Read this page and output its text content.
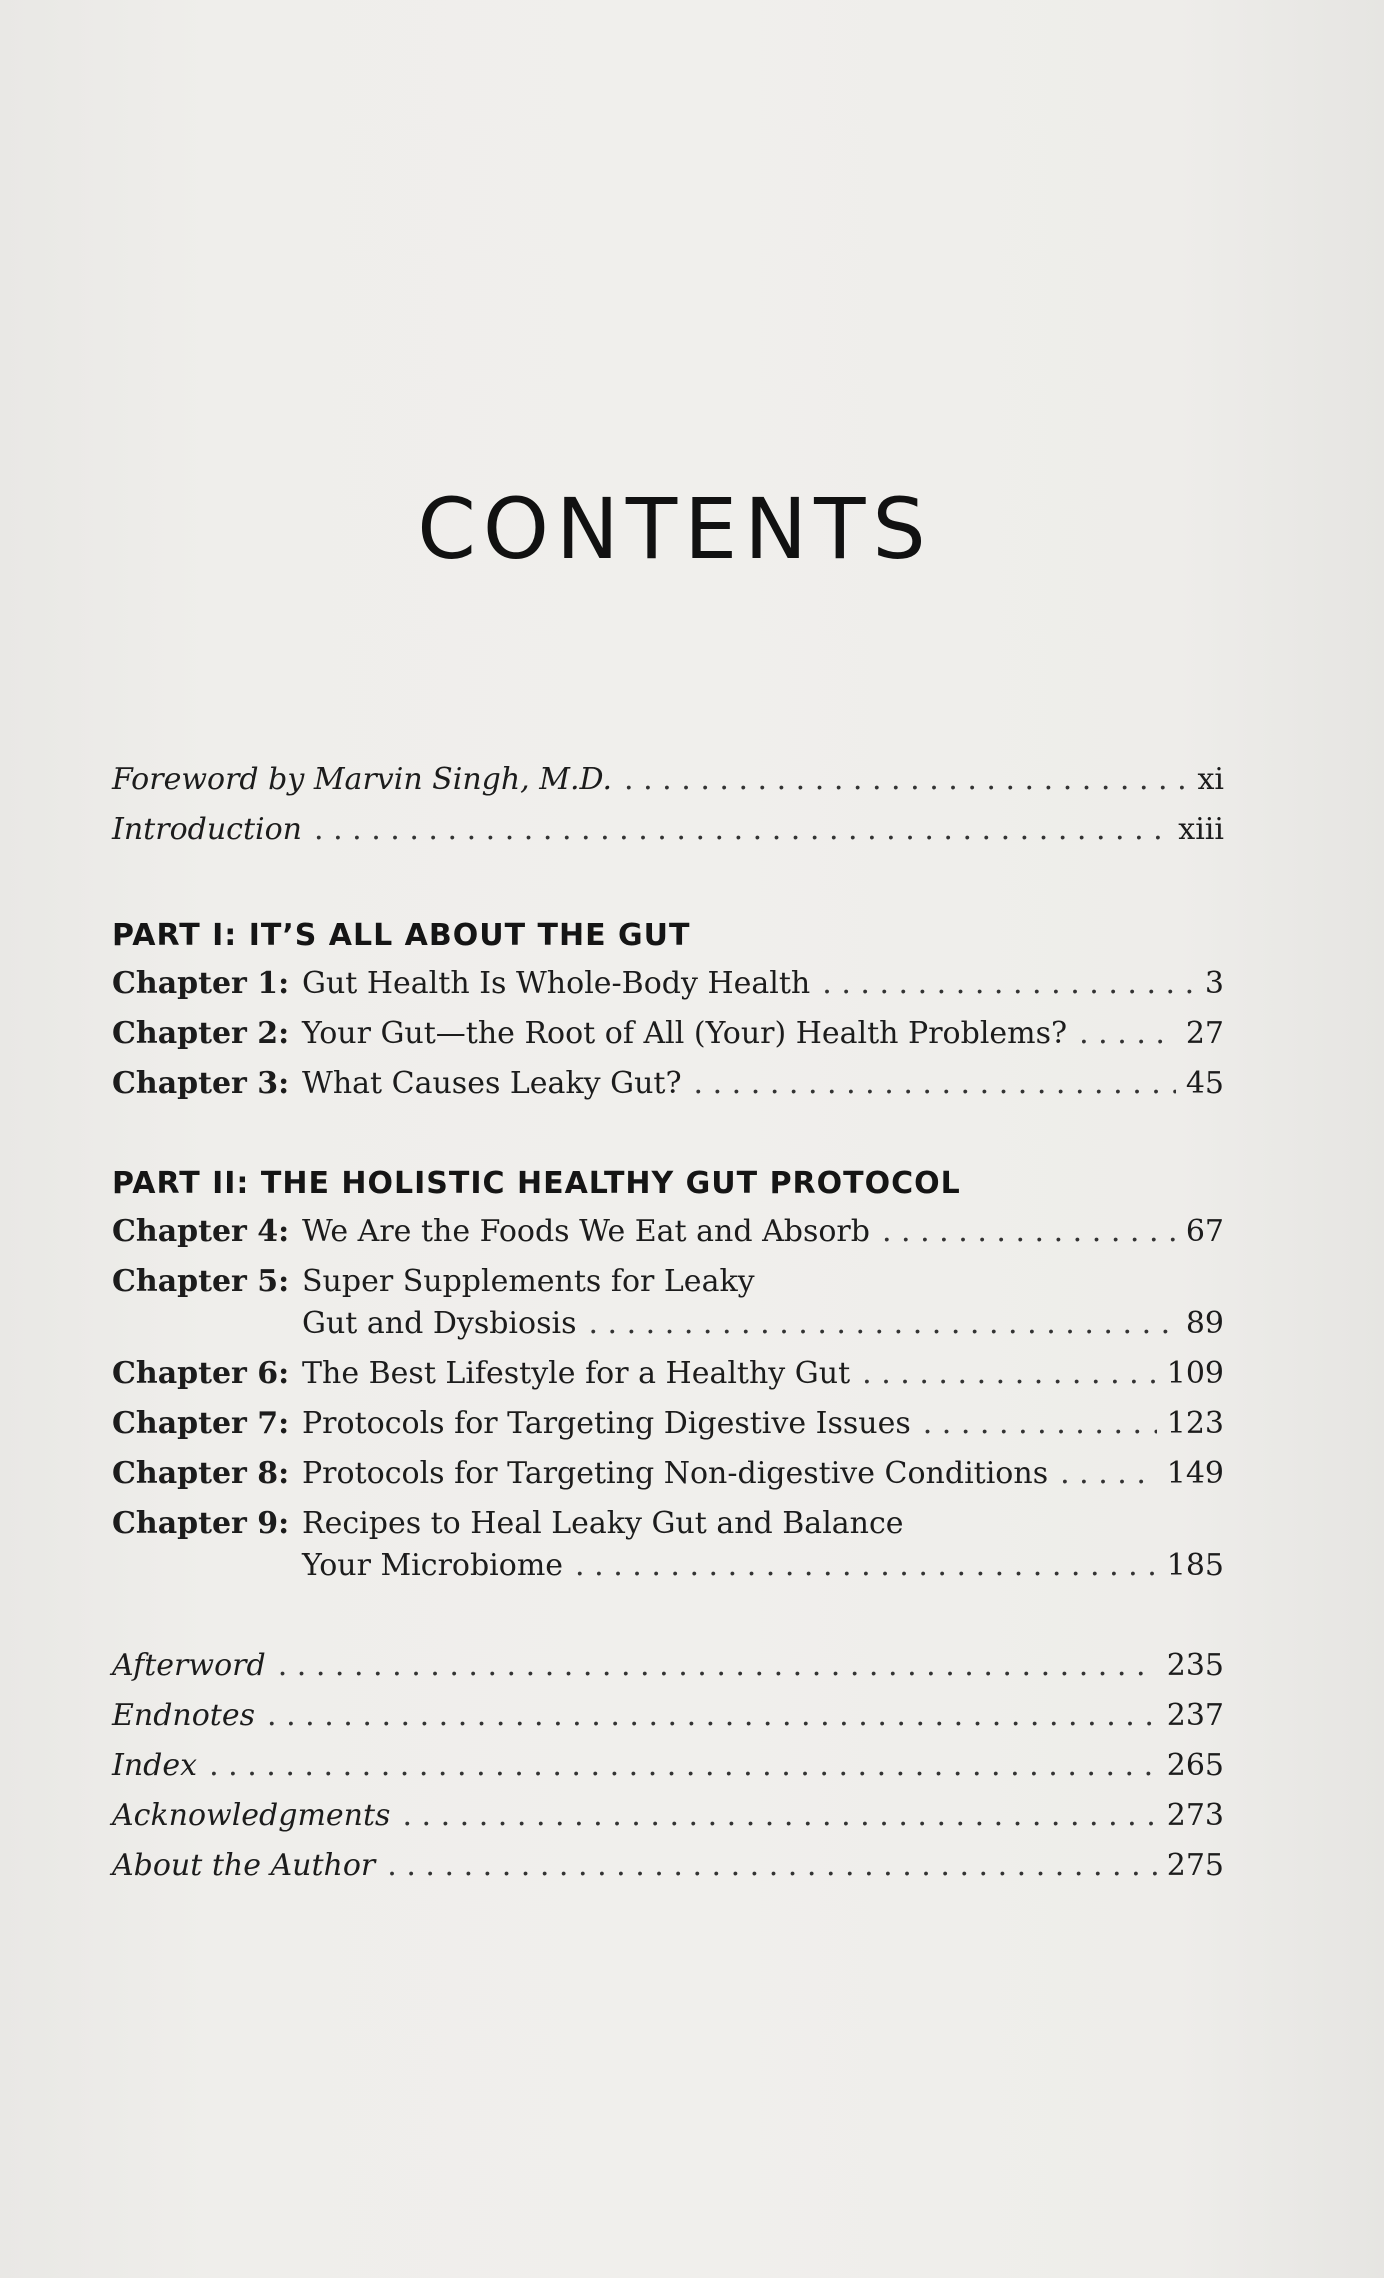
CONTENTS
Foreword by Marvin Singh, M.D. . . .	xi
Introduction . . .	xiii
PART I: IT’S ALL ABOUT THE GUT
Chapter 1: Gut Health Is Whole-Body Health . . .	3
Chapter 2: Your Gut—the Root of All (Your) Health Problems? . . .	27
Chapter 3: What Causes Leaky Gut? . . .	45
PART II: THE HOLISTIC HEALTHY GUT PROTOCOL
Chapter 4: We Are the Foods We Eat and Absorb . . .	67
Chapter 5: Super Supplements for Leaky
Gut and Dysbiosis . . .	89
Chapter 6: The Best Lifestyle for a Healthy Gut . . .	109
Chapter 7: Protocols for Targeting Digestive Issues . . .	123
Chapter 8: Protocols for Targeting Non-digestive Conditions . . .	149
Chapter 9: Recipes to Heal Leaky Gut and Balance
Your Microbiome . . .	185
Afterword . . .	235
Endnotes . . .	237
Index . . .	265
Acknowledgments . . .	273
About the Author . . .	275
